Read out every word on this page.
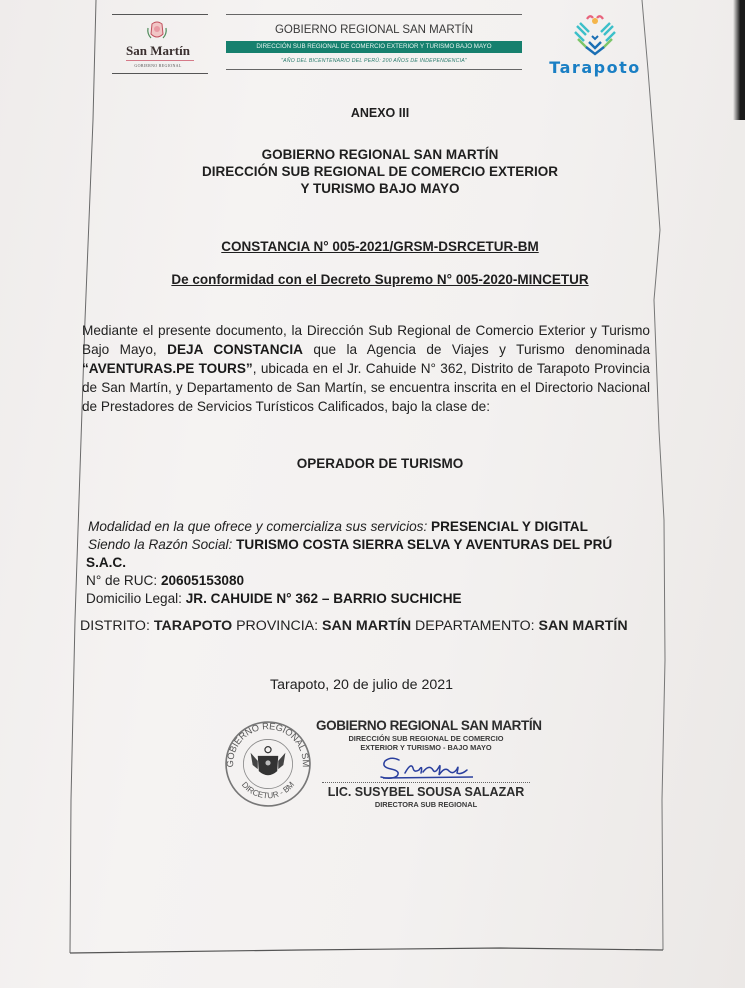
San Martín
GOBIERNO REGIONAL
GOBIERNO REGIONAL SAN MARTÍN
DIRECCIÓN SUB REGIONAL DE COMERCIO EXTERIOR Y TURISMO BAJO MAYO
"AÑO DEL BICENTENARIO DEL PERÚ: 200 AÑOS DE INDEPENDENCIA"	Tarapoto
ANEXO III
GOBIERNO REGIONAL SAN MARTÍN
DIRECCIÓN SUB REGIONAL DE COMERCIO EXTERIOR
Y TURISMO BAJO MAYO
CONSTANCIA N° 005-2021/GRSM-DSRCETUR-BM
De conformidad con el Decreto Supremo N° 005-2020-MINCETUR
Mediante el presente documento, la Dirección Sub Regional de Comercio Exterior y Turismo Bajo Mayo, DEJA CONSTANCIA que la Agencia de Viajes y Turismo denominada “AVENTURAS.PE TOURS”, ubicada en el Jr. Cahuide N° 362, Distrito de Tarapoto Provincia de San Martín, y Departamento de San Martín, se encuentra inscrita en el Directorio Nacional de Prestadores de Servicios Turísticos Calificados, bajo la clase de:
OPERADOR DE TURISMO
Modalidad en la que ofrece y comercializa sus servicios: PRESENCIAL Y DIGITAL
Siendo la Razón Social: TURISMO COSTA SIERRA SELVA Y AVENTURAS DEL PRÚ
S.A.C.
N° de RUC: 20605153080
Domicilio Legal: JR. CAHUIDE N° 362 – BARRIO SUCHICHE
DISTRITO: TARAPOTO PROVINCIA: SAN MARTÍN DEPARTAMENTO: SAN MARTÍN
Tarapoto, 20 de julio de 2021
GOBIERNO REGIONAL SM
DIRCETUR - BM
GOBIERNO REGIONAL SAN MARTÍN
DIRECCIÓN SUB REGIONAL DE COMERCIO
EXTERIOR Y TURISMO - BAJO MAYO
LIC. SUSYBEL SOUSA SALAZAR
DIRECTORA SUB REGIONAL
